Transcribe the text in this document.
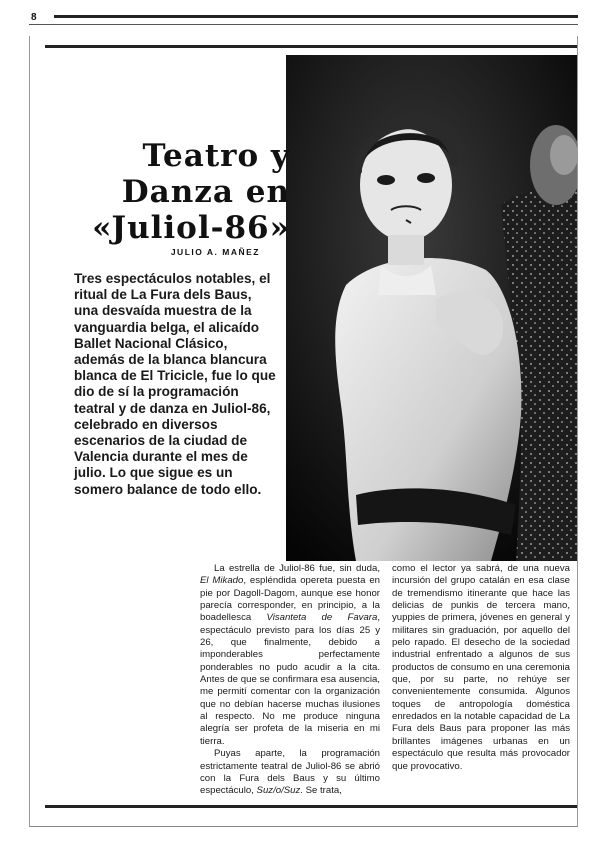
8
Teatro y
Danza en
«Juliol-86»
JULIO A. MAÑEZ

Tres espectáculos notables, el ritual de La Fura dels Baus, una desvaída muestra de la vanguardia belga, el alicaído Ballet Nacional Clásico, además de la blanca blancura blanca de El Tricicle, fue lo que dio de sí la programación teatral y de danza en Juliol-86, celebrado en diversos escenarios de la ciudad de Valencia durante el mes de julio. Lo que sigue es un somero balance de todo ello.

La estrella de Juliol-86 fue, sin duda, El Mikado, espléndida opereta puesta en pie por Dagoll-Dagom, aunque ese honor parecía corresponder, en principio, a la boadellesca Visanteta de Favara, espectáculo previsto para los días 25 y 26, que finalmente, debido a imponderables perfectamente ponderables no pudo acudir a la cita. Antes de que se confirmara esa ausencia, me permití comentar con la organización que no debían hacerse muchas ilusiones al respecto. No me produce ninguna alegría ser profeta de la miseria en mi tierra.

Puyas aparte, la programación estrictamente teatral de Juliol-86 se abrió con la Fura dels Baus y su último espectáculo, Suz/o/Suz. Se trata,

como el lector ya sabrá, de una nueva incursión del grupo catalán en esa clase de tremendismo itinerante que hace las delicias de punkis de tercera mano, yuppies de primera, jóvenes en general y militares sin graduación, por aquello del pelo rapado. El desecho de la sociedad industrial enfrentado a algunos de sus productos de consumo en una ceremonia que, por su parte, no rehúye ser convenientemente consumida. Algunos toques de antropología doméstica enredados en la notable capacidad de La Fura dels Baus para proponer las más brillantes imágenes urbanas en un espectáculo que resulta más provocador que provocativo.
